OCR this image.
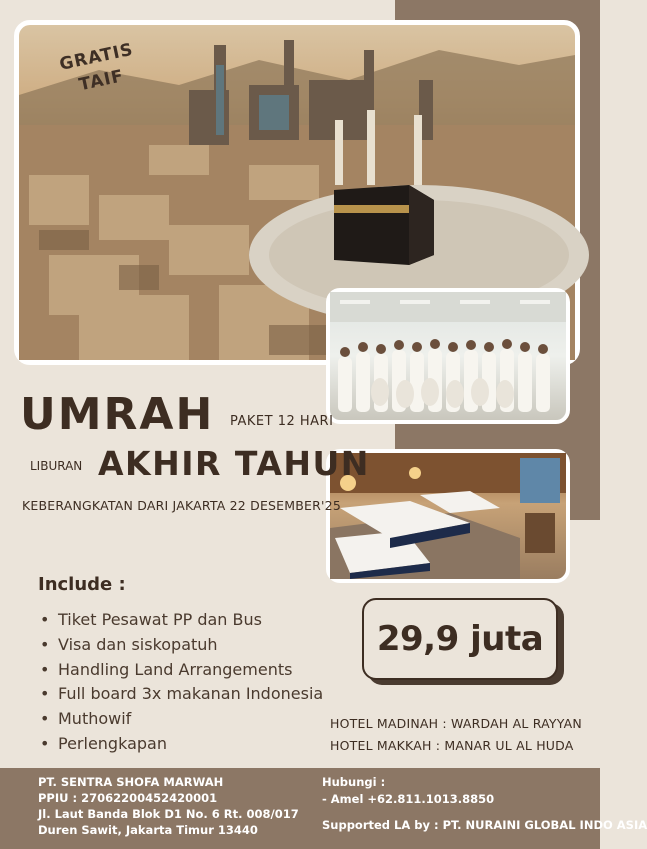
GRATIS
TAIF
UMRAH PAKET 12 HARI
LIBURAN AKHIR TAHUN
KEBERANGKATAN DARI JAKARTA 22 DESEMBER'25
Include :
• Tiket Pesawat PP dan Bus
• Visa dan siskopatuh
• Handling Land Arrangements
• Full board 3x makanan Indonesia
• Muthowif
• Perlengkapan
29,9 juta
HOTEL MADINAH : WARDAH AL RAYYAN
HOTEL MAKKAH : MANAR UL AL HUDA
PT. SENTRA SHOFA MARWAH
PPIU : 27062200452420001
Jl. Laut Banda Blok D1 No. 6 Rt. 008/017
Duren Sawit, Jakarta Timur 13440
Hubungi :
- Amel +62.811.1013.8850
Supported LA by : PT. NURAINI GLOBAL INDO ASIA
